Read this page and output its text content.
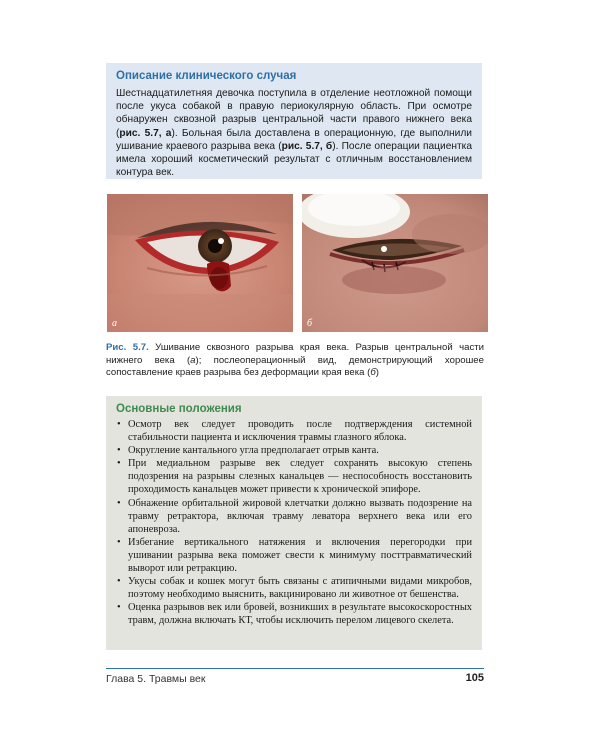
Описание клинического случая

Шестнадцатилетняя девочка поступила в отделение неотложной помощи после укуса собакой в правую периокулярную область. При осмотре обнаружен сквозной разрыв центральной части правого нижнего века (рис. 5.7, а). Больная была доставлена в операционную, где выполнили ушивание краевого разрыва века (рис. 5.7, б). После операции пациентка имела хороший косметический результат с отличным восстановлением контура век.

а	б
Рис. 5.7. Ушивание сквозного разрыва края века. Разрыв центральной части нижнего века (а); послеоперационный вид, демонстрирующий хорошее сопоставление краев разрыва без деформации края века (б)
Основные положения
• Осмотр век следует проводить после подтверждения системной стабильности пациента и исключения травмы глазного яблока.
• Округление кантального угла предполагает отрыв канта.
• При медиальном разрыве век следует сохранять высокую степень подозрения на разрывы слезных канальцев — неспособность восстановить проходимость канальцев может привести к хронической эпифоре.
• Обнажение орбитальной жировой клетчатки должно вызвать подозрение на травму ретрактора, включая травму леватора верхнего века или его апоневроза.
• Избегание вертикального натяжения и включения перегородки при ушивании разрыва века поможет свести к минимуму посттравматический выворот или ретракцию.
• Укусы собак и кошек могут быть связаны с атипичными видами микробов, поэтому необходимо выяснить, вакцинировано ли животное от бешенства.
• Оценка разрывов век или бровей, возникших в результате высокоскоростных травм, должна включать КТ, чтобы исключить перелом лицевого скелета.
Глава 5. Травмы век	105
